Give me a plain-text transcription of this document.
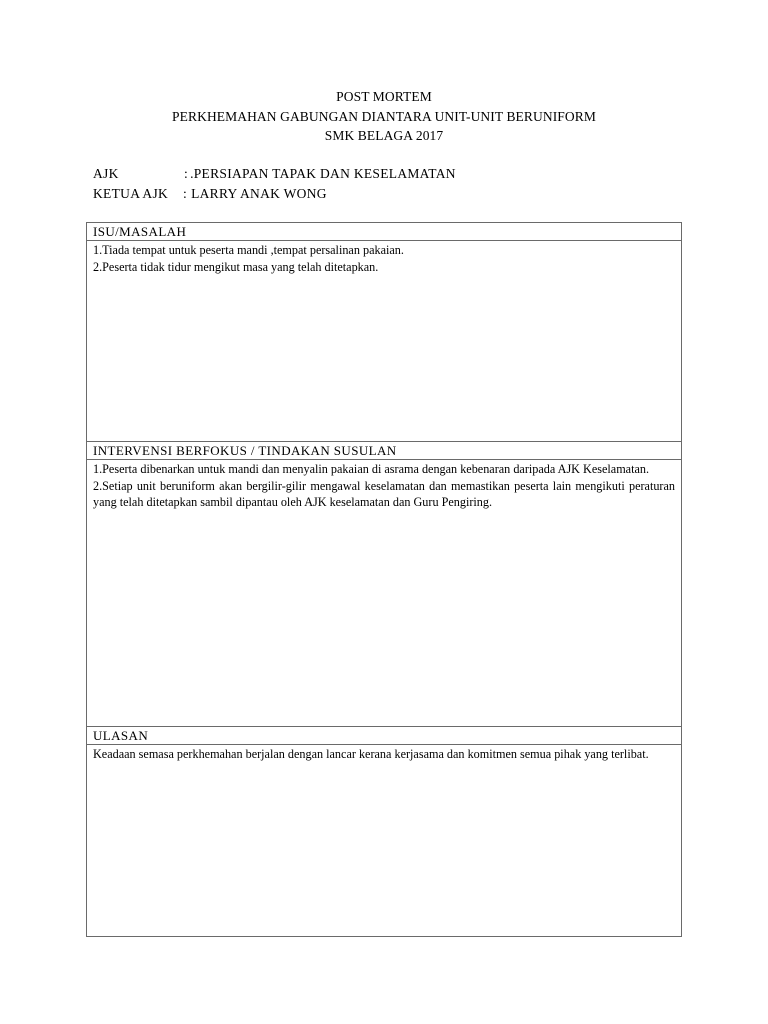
POST MORTEM
PERKHEMAHAN GABUNGAN DIANTARA UNIT-UNIT BERUNIFORM
SMK BELAGA 2017
AJK	: .PERSIAPAN TAPAK DAN KESELAMATAN
KETUA AJK	: LARRY ANAK WONG
ISU/MASALAH

1.Tiada tempat untuk peserta mandi ,tempat persalinan pakaian.

2.Peserta tidak tidur mengikut masa yang telah ditetapkan.

INTERVENSI BERFOKUS / TINDAKAN SUSULAN

1.Peserta dibenarkan untuk mandi dan menyalin pakaian di asrama dengan kebenaran daripada AJK Keselamatan.

2.Setiap unit beruniform akan bergilir-gilir mengawal keselamatan dan memastikan peserta lain mengikuti peraturan yang telah ditetapkan sambil dipantau oleh AJK keselamatan dan Guru Pengiring.

ULASAN

Keadaan semasa perkhemahan berjalan dengan lancar kerana kerjasama dan komitmen semua pihak yang terlibat.
